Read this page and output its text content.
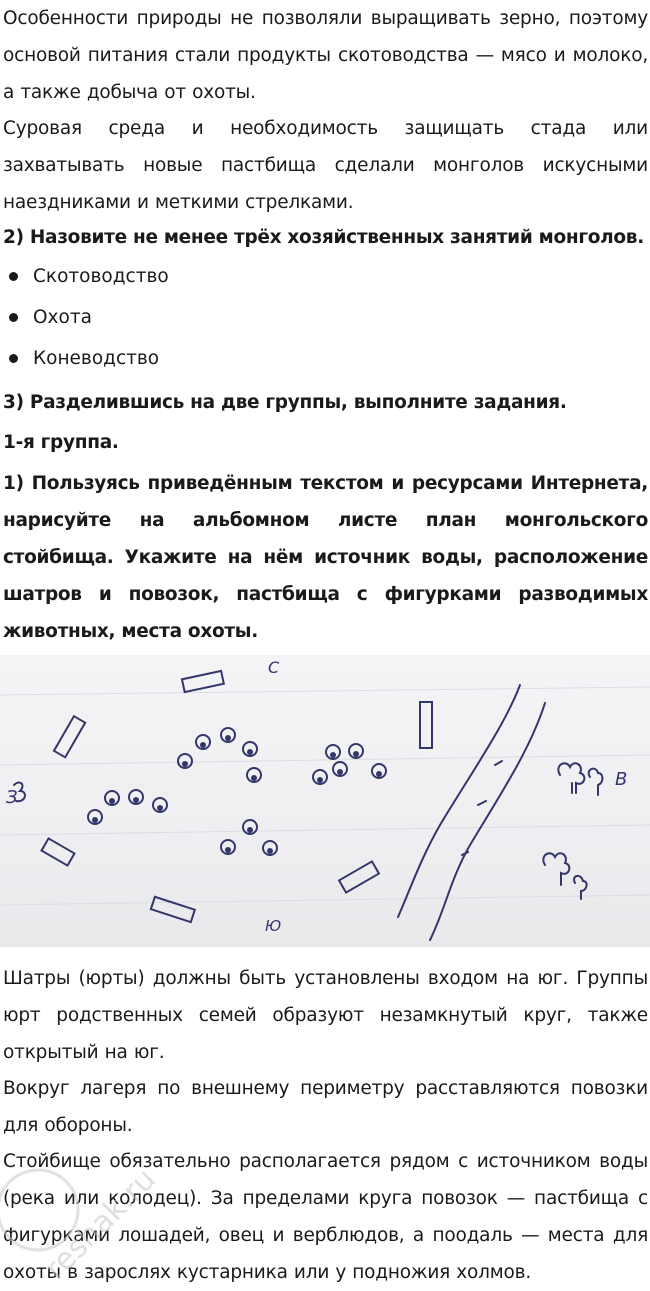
Особенности природы не позволяли выращивать зерно, поэтому основой питания стали продукты скотоводства — мясо и молоко, а также добыча от охоты.

Суровая среда и необходимость защищать стада или захватывать новые пастбища сделали монголов искусными наездниками и меткими стрелками.

2) Назовите не менее трёх хозяйственных занятий монголов.

Скотоводство
Охота
Коневодство

3) Разделившись на две группы, выполните задания.

1-я группа.

1) Пользуясь приведённым текстом и ресурсами Интернета, нарисуйте на альбомном листе план монгольского стойбища. Укажите на нём источник воды, расположение шатров и повозок, пастбища с фигурками разводимых животных, места охоты.

С
Ю
З
В

Шатры (юрты) должны быть установлены входом на юг. Группы юрт родственных семей образуют незамкнутый круг, также открытый на юг.

Вокруг лагеря по внешнему периметру расставляются повозки для обороны.

Стойбище обязательно располагается рядом с источником воды (река или колодец). За пределами круга повозок — пастбища с фигурками лошадей, овец и верблюдов, а поодаль — места для охоты в зарослях кустарника или у подножия холмов.

reshak.ru
